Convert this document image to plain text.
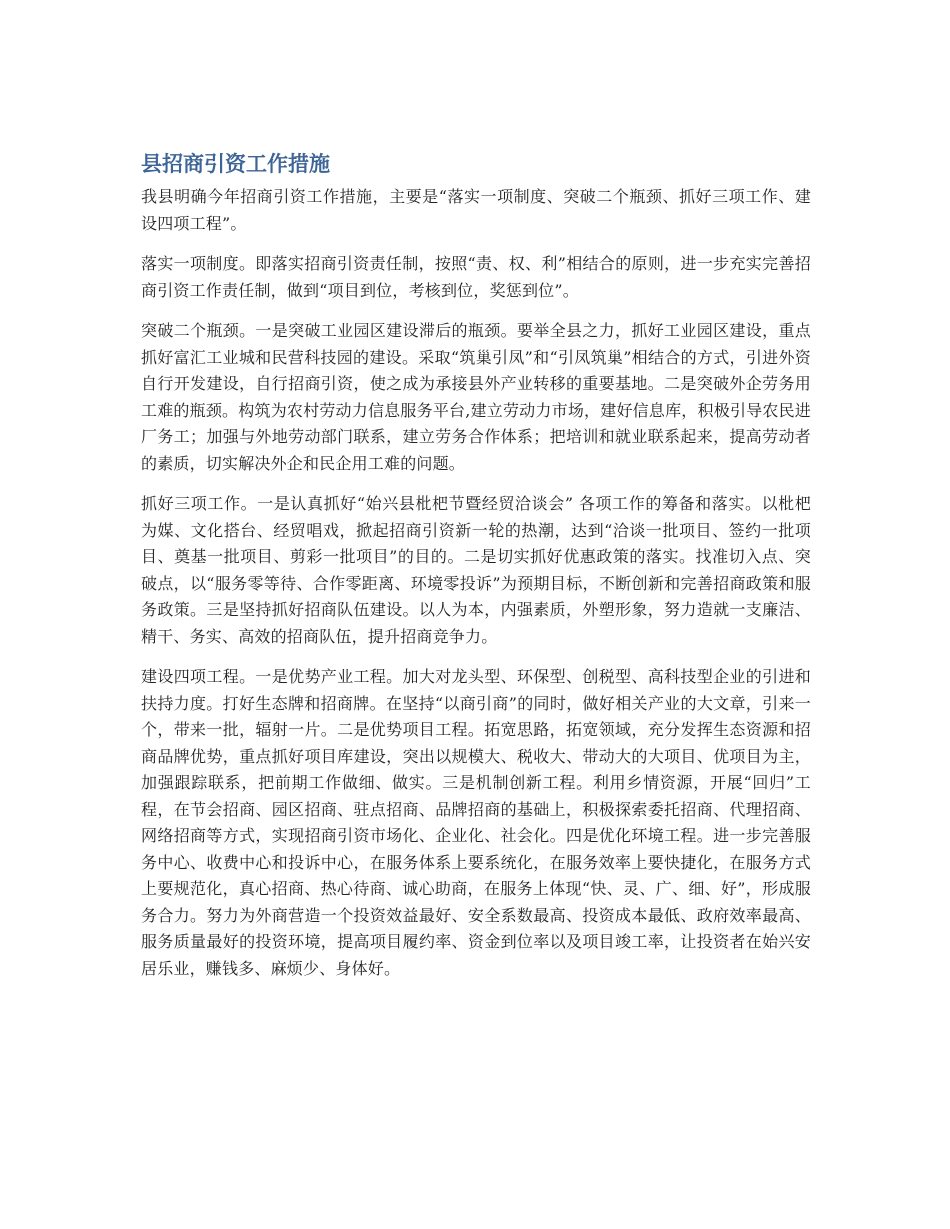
县招商引资工作措施

我县明确今年招商引资工作措施，主要是“落实一项制度、突破二个瓶颈、抓好三项工作、建设四项工程”。

落实一项制度。即落实招商引资责任制，按照“责、权、利”相结合的原则，进一步充实完善招商引资工作责任制，做到“项目到位，考核到位，奖惩到位”。

突破二个瓶颈。一是突破工业园区建设滞后的瓶颈。要举全县之力，抓好工业园区建设，重点抓好富汇工业城和民营科技园的建设。采取“筑巢引凤”和“引凤筑巢”相结合的方式，引进外资自行开发建设，自行招商引资，使之成为承接县外产业转移的重要基地。二是突破外企劳务用工难的瓶颈。构筑为农村劳动力信息服务平台,建立劳动力市场，建好信息库，积极引导农民进厂务工；加强与外地劳动部门联系，建立劳务合作体系；把培训和就业联系起来，提高劳动者的素质，切实解决外企和民企用工难的问题。

抓好三项工作。一是认真抓好“始兴县枇杷节暨经贸洽谈会” 各项工作的筹备和落实。以枇杷为媒、文化搭台、经贸唱戏，掀起招商引资新一轮的热潮，达到“洽谈一批项目、签约一批项目、奠基一批项目、剪彩一批项目”的目的。二是切实抓好优惠政策的落实。找准切入点、突破点，以“服务零等待、合作零距离、环境零投诉”为预期目标，不断创新和完善招商政策和服务政策。三是坚持抓好招商队伍建设。以人为本，内强素质，外塑形象，努力造就一支廉洁、精干、务实、高效的招商队伍，提升招商竞争力。

建设四项工程。一是优势产业工程。加大对龙头型、环保型、创税型、高科技型企业的引进和扶持力度。打好生态牌和招商牌。在坚持“以商引商”的同时，做好相关产业的大文章，引来一个，带来一批，辐射一片。二是优势项目工程。拓宽思路，拓宽领域，充分发挥生态资源和招商品牌优势，重点抓好项目库建设，突出以规模大、税收大、带动大的大项目、优项目为主，加强跟踪联系，把前期工作做细、做实。三是机制创新工程。利用乡情资源，开展“回归”工程，在节会招商、园区招商、驻点招商、品牌招商的基础上，积极探索委托招商、代理招商、网络招商等方式，实现招商引资市场化、企业化、社会化。四是优化环境工程。进一步完善服务中心、收费中心和投诉中心，在服务体系上要系统化，在服务效率上要快捷化，在服务方式上要规范化，真心招商、热心待商、诚心助商，在服务上体现“快、灵、广、细、好”，形成服务合力。努力为外商营造一个投资效益最好、安全系数最高、投资成本最低、政府效率最高、服务质量最好的投资环境，提高项目履约率、资金到位率以及项目竣工率，让投资者在始兴安居乐业，赚钱多、麻烦少、身体好。
